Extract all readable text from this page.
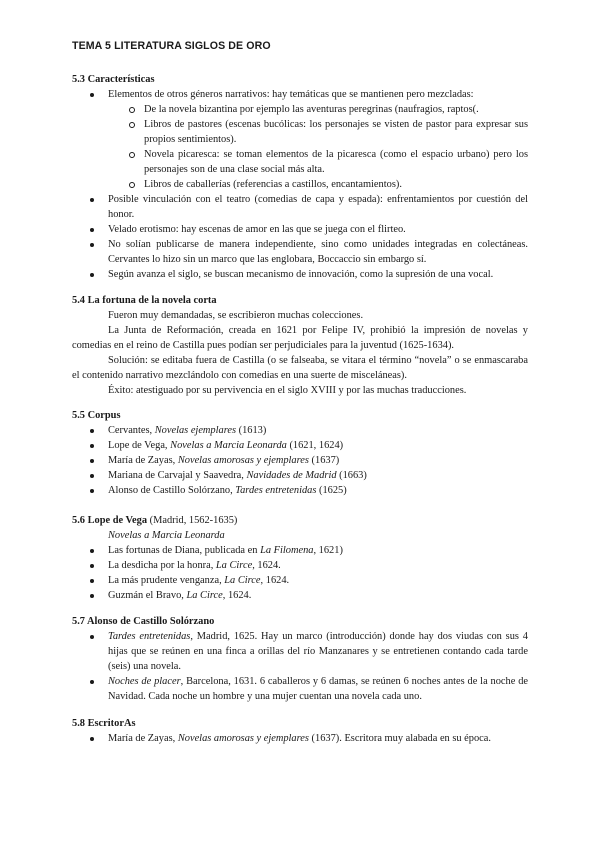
TEMA 5 LITERATURA SIGLOS DE ORO
5.3 Características
Elementos de otros géneros narrativos: hay temáticas que se mantienen pero mezcladas:
De la novela bizantina por ejemplo las aventuras peregrinas (naufragios, raptos(.
Libros de pastores (escenas bucólicas: los personajes se visten de pastor para expresar sus propios sentimientos).
Novela picaresca: se toman elementos de la picaresca (como el espacio urbano) pero los personajes son de una clase social más alta.
Libros de caballerías (referencias a castillos, encantamientos).
Posible vinculación con el teatro (comedias de capa y espada): enfrentamientos por cuestión del honor.
Velado erotismo: hay escenas de amor en las que se juega con el flirteo.
No solían publicarse de manera independiente, sino como unidades integradas en colectáneas. Cervantes lo hizo sin un marco que las englobara, Boccaccio sin embargo sí.
Según avanza el siglo, se buscan mecanismo de innovación, como la supresión de una vocal.
5.4 La fortuna de la novela corta

Fueron muy demandadas, se escribieron muchas colecciones.

La Junta de Reformación, creada en 1621 por Felipe IV, prohibió la impresión de novelas y comedias en el reino de Castilla pues podían ser perjudiciales para la juventud (1625-1634).

Solución: se editaba fuera de Castilla (o se falseaba, se vitara el término “novela” o se enmascaraba el contenido narrativo mezclándolo con comedias en una suerte de misceláneas).

Éxito: atestiguado por su pervivencia en el siglo XVIII y por las muchas traducciones.

5.5 Corpus
Cervantes, Novelas ejemplares (1613)
Lope de Vega, Novelas a Marcia Leonarda (1621, 1624)
María de Zayas, Novelas amorosas y ejemplares (1637)
Mariana de Carvajal y Saavedra, Navidades de Madrid (1663)
Alonso de Castillo Solórzano, Tardes entretenidas (1625)
5.6 Lope de Vega (Madrid, 1562-1635)

Novelas a Marcia Leonarda

Las fortunas de Diana, publicada en La Filomena, 1621)
La desdicha por la honra, La Circe, 1624.
La más prudente venganza, La Circe, 1624.
Guzmán el Bravo, La Circe, 1624.
5.7 Alonso de Castillo Solórzano
Tardes entretenidas, Madrid, 1625. Hay un marco (introducción) donde hay dos viudas con sus 4 hijas que se reúnen en una finca a orillas del río Manzanares y se entretienen contando cada tarde (seis) una novela.
Noches de placer, Barcelona, 1631. 6 caballeros y 6 damas, se reúnen 6 noches antes de la noche de Navidad. Cada noche un hombre y una mujer cuentan una novela cada uno.
5.8 EscritorAs
María de Zayas, Novelas amorosas y ejemplares (1637). Escritora muy alabada en su época.
